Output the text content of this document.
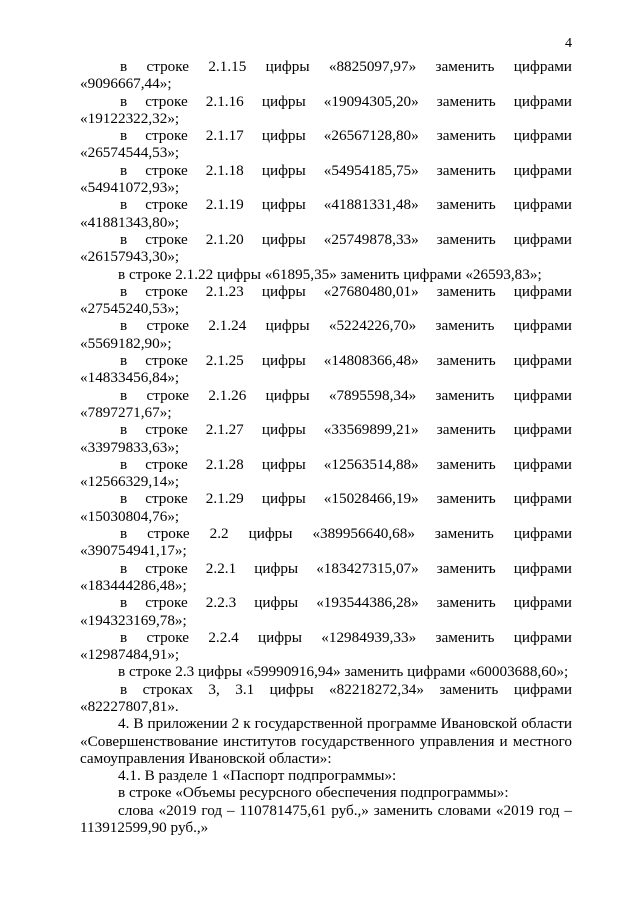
4
в строке 2.1.15 цифры «8825097,97» заменить цифрами
«9096667,44»;
в строке 2.1.16 цифры «19094305,20» заменить цифрами
«19122322,32»;
в строке 2.1.17 цифры «26567128,80» заменить цифрами
«26574544,53»;
в строке 2.1.18 цифры «54954185,75» заменить цифрами
«54941072,93»;
в строке 2.1.19 цифры «41881331,48» заменить цифрами
«41881343,80»;
в строке 2.1.20 цифры «25749878,33» заменить цифрами
«26157943,30»;
в строке 2.1.22 цифры «61895,35» заменить цифрами «26593,83»;
в строке 2.1.23 цифры «27680480,01» заменить цифрами
«27545240,53»;
в строке 2.1.24 цифры «5224226,70» заменить цифрами
«5569182,90»;
в строке 2.1.25 цифры «14808366,48» заменить цифрами
«14833456,84»;
в строке 2.1.26 цифры «7895598,34» заменить цифрами
«7897271,67»;
в строке 2.1.27 цифры «33569899,21» заменить цифрами
«33979833,63»;
в строке 2.1.28 цифры «12563514,88» заменить цифрами
«12566329,14»;
в строке 2.1.29 цифры «15028466,19» заменить цифрами
«15030804,76»;
в строке 2.2 цифры «389956640,68» заменить цифрами
«390754941,17»;
в строке 2.2.1 цифры «183427315,07» заменить цифрами
«183444286,48»;
в строке 2.2.3 цифры «193544386,28» заменить цифрами
«194323169,78»;
в строке 2.2.4 цифры «12984939,33» заменить цифрами
«12987484,91»;
в строке 2.3 цифры «59990916,94» заменить цифрами «60003688,60»;
в строках 3, 3.1 цифры «82218272,34» заменить цифрами
«82227807,81».
4. В приложении 2 к государственной программе Ивановской области «Совершенствование институтов государственного управления и местного самоуправления Ивановской области»:
4.1. В разделе 1 «Паспорт подпрограммы»:
в строке «Объемы ресурсного обеспечения подпрограммы»:
слова «2019 год – 110781475,61 руб.,» заменить словами «2019 год – 113912599,90 руб.,»
